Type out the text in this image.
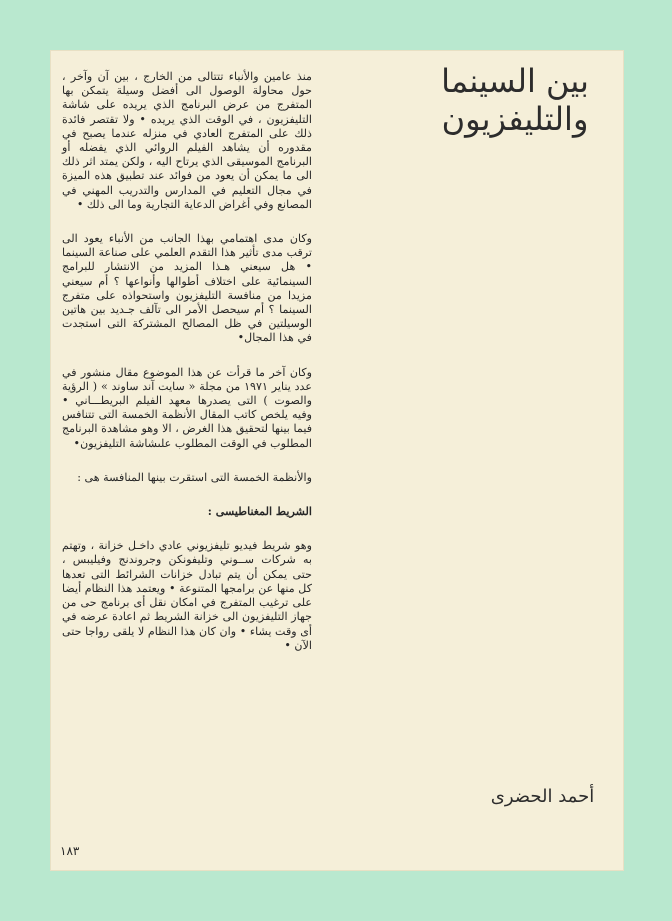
بين السينما
والتليفزيون

منذ عامين والأنباء تتتالى من الخارج ، بين آن وآخر ، حول محاولة الوصول الى أفضل وسيلة يتمكن بها المتفرج من عرض البرنامج الذي يريده على شاشة التليفزيون ، في الوقت الذي يريده • ولا تقتصر فائدة ذلك على المتفرج العادي في منزله عندما يصبح في مقدوره أن يشاهد الفيلم الروائي الذي يفضله أو البرنامج الموسيقى الذي يرتاح اليه ، ولكن يمتد اثر ذلك الى ما يمكن أن يعود من فوائد عند تطبيق هذه الميزة في مجال التعليم في المدارس والتدريب المهني في المصانع وفي أغراض الدعاية التجارية وما الى ذلك •

وكان مدى اهتمامي بهذا الجانب من الأنباء يعود الى ترقب مدى تأثير هذا التقدم العلمي على صناعة السينما • هل سيعني هـذا المزيد من الانتشار للبرامج السينمائية على اختلاف أطوالها وأنواعها ؟ أم سيعني مزيدا من منافسة التليفزيون واستحواذه على متفرج السينما ؟ أم سيحصل الأمر الى تآلف جـديد بين هاتين الوسيلتين في ظل المصالح المشتركة التى استجدت في هذا المجال•

وكان آخر ما قرأت عن هذا الموضوع مقال منشور في عدد يناير ١٩٧١ من مجلة « سايت آند ساوند » ( الرؤية والصوت ) التى يصدرها معهد الفيلم البريطـــاني • وفيه يلخص كاتب المقال الأنظمة الخمسة التى تتنافس فيما بينها لتحقيق هذا الغرض ، الا وهو مشاهدة البرنامج المطلوب في الوقت المطلوب علىشاشة التليفزيون•

والأنظمة الخمسة التى استقرت بينها المنافسة هى :

الشريط المغناطيسى :

وهو شريط فيديو تليفزيوني عادي داخـل خزانة ، وتهتم به شركات ســوني وتليفونكن وجروندنج وفيليبس ، حتى يمكن أن يتم تبادل خزانات الشرائط التى تعدها كل منها عن برامجها المتنوعة • ويعتمد هذا النظام أيضا على ترغيب المتفرج في امكان نقل أى برنامج حى من جهاز التليفزيون الى خزانة الشريط ثم اعادة عرضه في أى وقت يشاء • وان كان هذا النظام لا يلقى رواجا حتى الآن •

أحمد الحضرى
١٨٣
